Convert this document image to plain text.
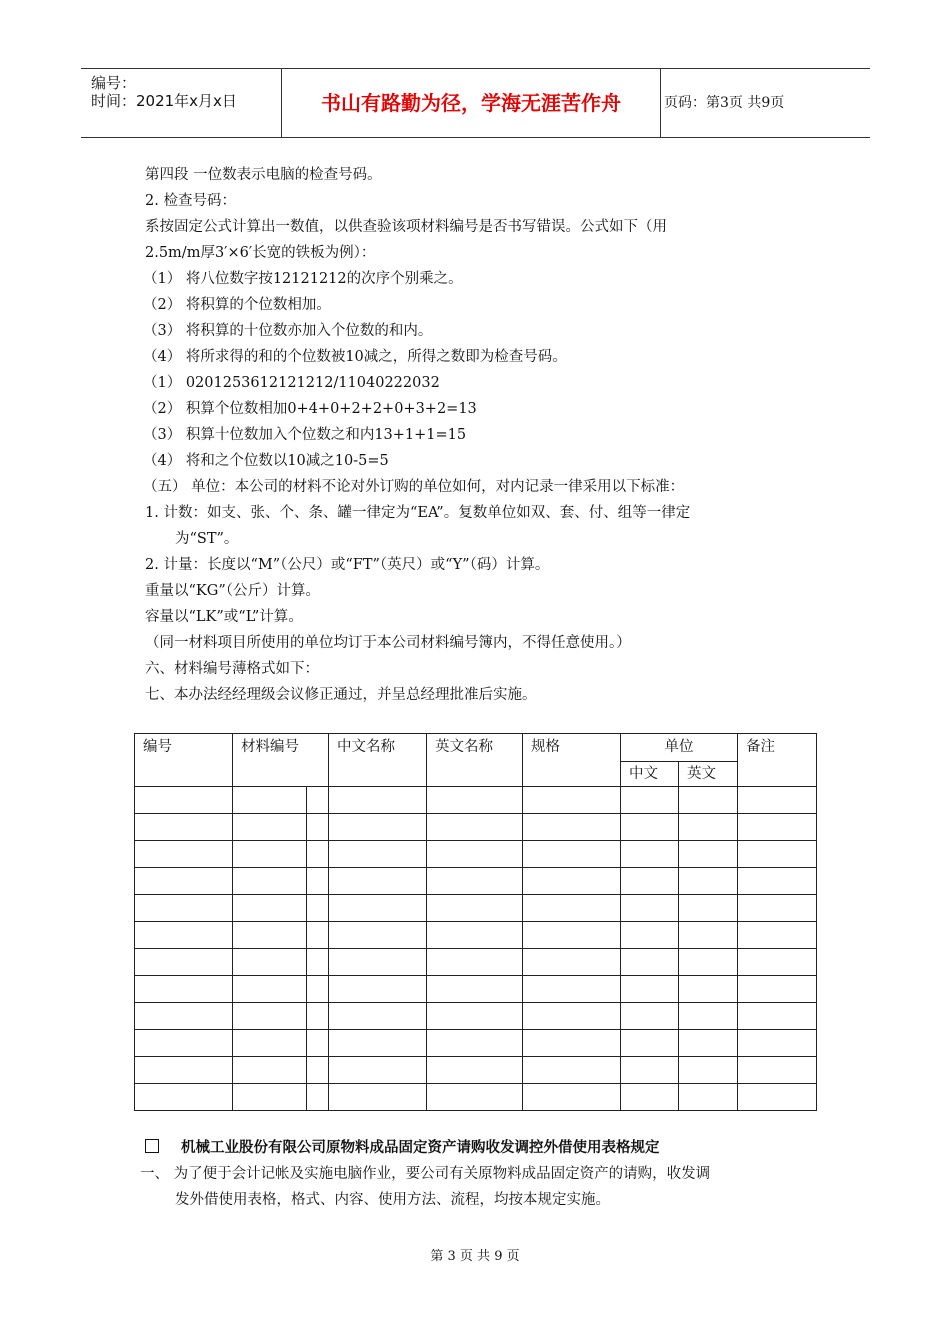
编号：
时间：2021年x月x日	书山有路勤为径，学海无涯苦作舟	页码：第3页 共9页
第四段 一位数表示电脑的检查号码。
2. 检查号码：
系按固定公式计算出一数值，以供查验该项材料编号是否书写错误。公式如下（用
2.5m/m厚3′×6′长宽的铁板为例）：
（1） 将八位数字按12121212的次序个别乘之。
（2） 将积算的个位数相加。
（3） 将积算的十位数亦加入个位数的和内。
（4） 将所求得的和的个位数被10减之，所得之数即为检查号码。
（1） 0201253612121212/11040222032
（2） 积算个位数相加0+4+0+2+2+0+3+2=13
（3） 积算十位数加入个位数之和内13+1+1=15
（4） 将和之个位数以10减之10-5=5
（五） 单位：本公司的材料不论对外订购的单位如何，对内记录一律采用以下标准：
1. 计数：如支、张、个、条、罐一律定为“EA”。复数单位如双、套、付、组等一律定
为“ST”。
2. 计量：长度以“M”（公尺）或“FT”（英尺）或“Y”（码）计算。
重量以“KG”（公斤）计算。
容量以“LK”或“L”计算。
（同一材料项目所使用的单位均订于本公司材料编号簿内，不得任意使用。）
六、材料编号薄格式如下：
七、本办法经经理级会议修正通过，并呈总经理批准后实施。
编号	材料编号		中文名称	英文名称	规格	单位		备注
						中文	英文	

机械工业股份有限公司原物料成品固定资产请购收发调控外借使用表格规定
一、 为了便于会计记帐及实施电脑作业，要公司有关原物料成品固定资产的请购，收发调
发外借使用表格，格式、内容、使用方法、流程，均按本规定实施。
第 3 页 共 9 页
